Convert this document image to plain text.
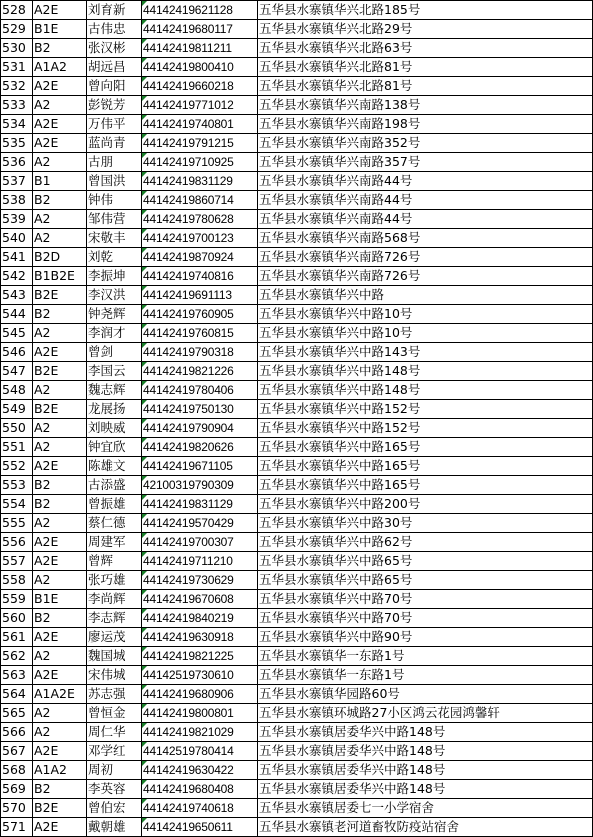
528	A2E	刘育新	44142419621128	五华县水寨镇华兴北路185号
529	B1E	古伟忠	44142419680117	五华县水寨镇华兴北路29号
530	B2	张汉彬	44142419811211	五华县水寨镇华兴北路63号
531	A1A2	胡远昌	44142419800410	五华县水寨镇华兴北路81号
532	A2E	曾向阳	44142419660218	五华县水寨镇华兴北路81号
533	A2	彭锐芳	44142419771012	五华县水寨镇华兴南路138号
534	A2E	万伟平	44142419740801	五华县水寨镇华兴南路198号
535	A2E	蓝尚青	44142419791215	五华县水寨镇华兴南路352号
536	A2	古朋	44142419710925	五华县水寨镇华兴南路357号
537	B1	曾国洪	44142419831129	五华县水寨镇华兴南路44号
538	B2	钟伟	44142419860714	五华县水寨镇华兴南路44号
539	A2	邹伟营	44142419780628	五华县水寨镇华兴南路44号
540	A2	宋敬丰	44142419700123	五华县水寨镇华兴南路568号
541	B2D	刘乾	44142419870924	五华县水寨镇华兴南路726号
542	B1B2E	李振坤	44142419740816	五华县水寨镇华兴南路726号
543	B2E	李汉洪	44142419691113	五华县水寨镇华兴中路
544	B2	钟尧辉	44142419760905	五华县水寨镇华兴中路10号
545	A2	李润才	44142419760815	五华县水寨镇华兴中路10号
546	A2E	曾剑	44142419790318	五华县水寨镇华兴中路143号
547	B2E	李国云	44142419821226	五华县水寨镇华兴中路148号
548	A2	魏志辉	44142419780406	五华县水寨镇华兴中路148号
549	B2E	龙展扬	44142419750130	五华县水寨镇华兴中路152号
550	A2	刘映威	44142419790904	五华县水寨镇华兴中路152号
551	A2	钟宜欣	44142419820626	五华县水寨镇华兴中路165号
552	A2E	陈雄文	44142419671105	五华县水寨镇华兴中路165号
553	B2	古添盛	42100319790309	五华县水寨镇华兴中路165号
554	B2	曾振雄	44142419831129	五华县水寨镇华兴中路200号
555	A2	蔡仁德	44142419570429	五华县水寨镇华兴中路30号
556	A2E	周建军	44142419700307	五华县水寨镇华兴中路62号
557	A2E	曾辉	44142419711210	五华县水寨镇华兴中路65号
558	A2	张巧雄	44142419730629	五华县水寨镇华兴中路65号
559	B1E	李尚辉	44142419670608	五华县水寨镇华兴中路70号
560	B2	李志辉	44142419840219	五华县水寨镇华兴中路70号
561	A2E	廖运茂	44142419630918	五华县水寨镇华兴中路90号
562	A2	魏国城	44142419821225	五华县水寨镇华一东路1号
563	A2E	宋伟城	44142519730610	五华县水寨镇华一东路1号
564	A1A2E	苏志强	44142419680906	五华县水寨镇华园路60号
565	A2	曾恒金	44142419800801	五华县水寨镇环城路27小区鸿云花园鸿馨轩
566	A2	周仁华	44142419821029	五华县水寨镇居委华兴中路148号
567	A2E	邓学红	44142519780414	五华县水寨镇居委华兴中路148号
568	A1A2	周初	44142419630422	五华县水寨镇居委华兴中路148号
569	B2	李英容	44142419680408	五华县水寨镇居委华兴中路148号
570	B2E	曾伯宏	44142419740618	五华县水寨镇居委七一小学宿舍
571	A2E	戴朝雄	44142419650611	五华县水寨镇老河道畜牧防疫站宿舍
